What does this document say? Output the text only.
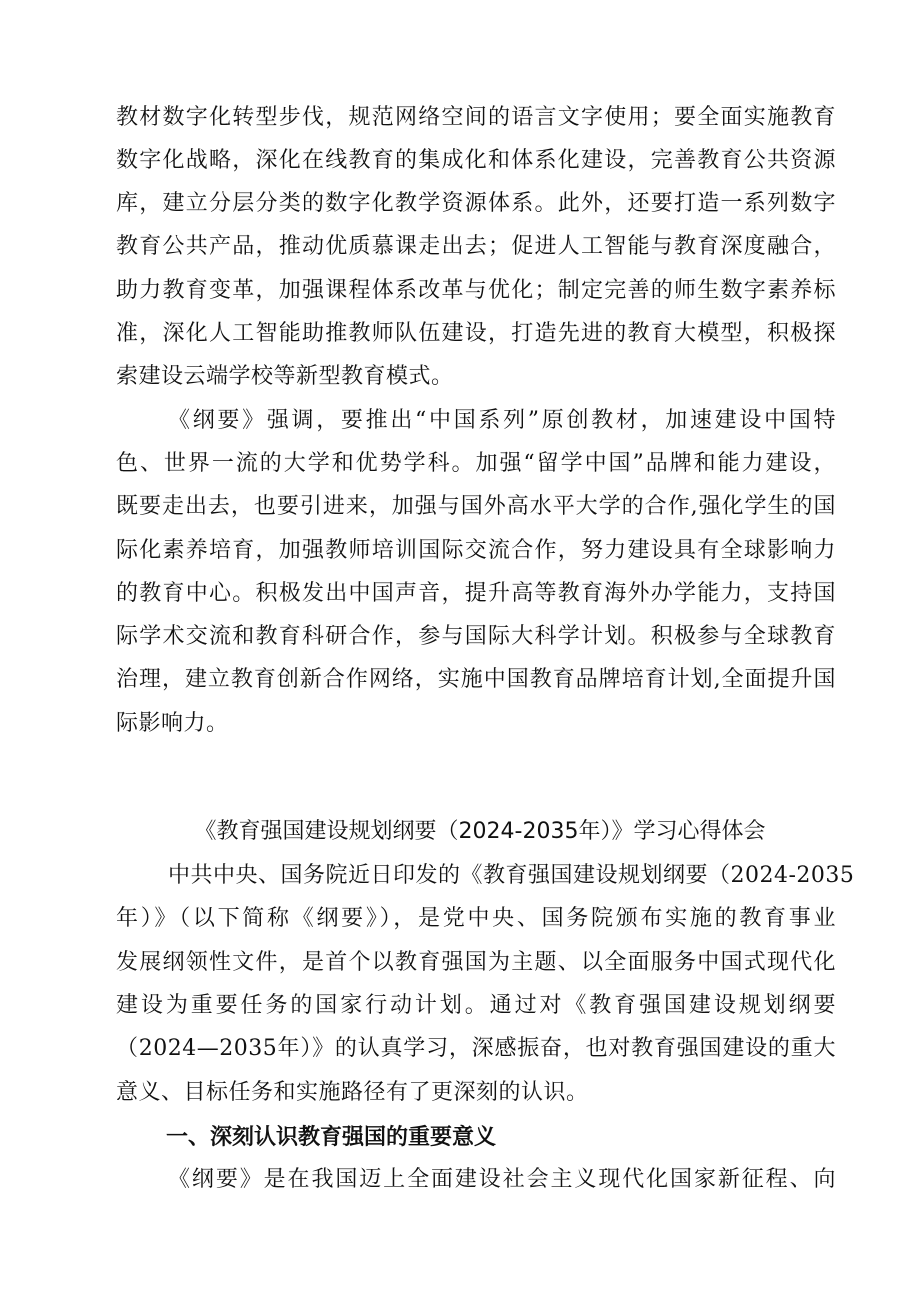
教材数字化转型步伐，规范网络空间的语言文字使用；要全面实施教育
数字化战略，深化在线教育的集成化和体系化建设，完善教育公共资源
库，建立分层分类的数字化教学资源体系。此外，还要打造一系列数字
教育公共产品，推动优质慕课走出去；促进人工智能与教育深度融合，
助力教育变革，加强课程体系改革与优化；制定完善的师生数字素养标
准，深化人工智能助推教师队伍建设，打造先进的教育大模型，积极探
索建设云端学校等新型教育模式。
《纲要》强调，要推出“中国系列”原创教材，加速建设中国特
色、世界一流的大学和优势学科。加强“留学中国”品牌和能力建设，
既要走出去，也要引进来，加强与国外高水平大学的合作,强化学生的国
际化素养培育，加强教师培训国际交流合作，努力建设具有全球影响力
的教育中心。积极发出中国声音，提升高等教育海外办学能力，支持国
际学术交流和教育科研合作，参与国际大科学计划。积极参与全球教育
治理，建立教育创新合作网络，实施中国教育品牌培育计划,全面提升国
际影响力。
《教育强国建设规划纲要（2024-2035年）》学习心得体会
中共中央、国务院近日印发的《教育强国建设规划纲要（2024-2035
年）》（以下简称《纲要》），是党中央、国务院颁布实施的教育事业
发展纲领性文件，是首个以教育强国为主题、以全面服务中国式现代化
建设为重要任务的国家行动计划。通过对《教育强国建设规划纲要
（2024—2035年）》的认真学习，深感振奋，也对教育强国建设的重大
意义、目标任务和实施路径有了更深刻的认识。
一、深刻认识教育强国的重要意义
《纲要》是在我国迈上全面建设社会主义现代化国家新征程、向
